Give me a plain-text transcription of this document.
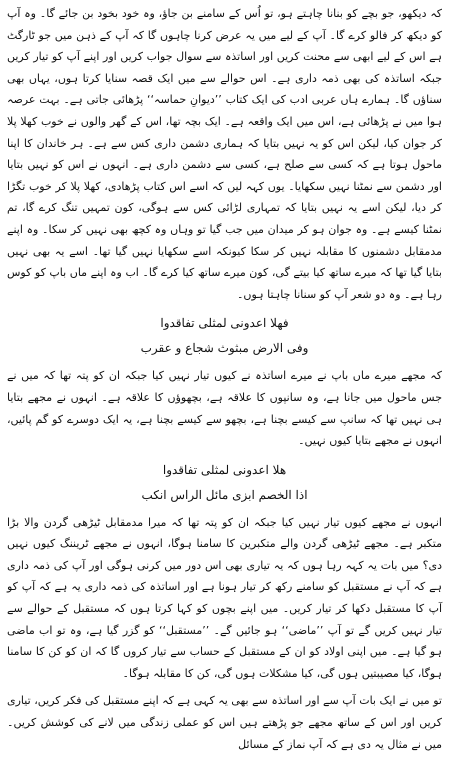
کہ دیکھو، جو بچے کو بنانا چاہتے ہو، تو اُس کے سامنے بن جاؤ، وہ خود بخود بن جائے گا۔ وہ آپ کو دیکھ کر فالو کرے گا۔ آپ کے لیے میں یہ عرض کرنا چاہوں گا کہ آپ کے ذہن میں جو ٹارگٹ ہے اس کے لیے ابھی سے محنت کریں اور اساتذہ سے سوال جواب کریں اور اپنے آپ کو تیار کریں جبکہ اساتذہ کی بھی ذمہ داری ہے۔ اس حوالے سے میں ایک قصہ سنایا کرتا ہوں، یہاں بھی سناؤں گا۔ ہمارے ہاں عربی ادب کی ایک کتاب ’’دیوانِ حماسہ‘‘ پڑھائی جاتی ہے۔ بہت عرصہ ہوا میں نے پڑھائی ہے، اس میں ایک واقعہ ہے۔ ایک بچہ تھا، اس کے گھر والوں نے خوب کھلا پلا کر جوان کیا، لیکن اس کو یہ نہیں بتایا کہ ہماری دشمن داری کس سے ہے۔ ہر خاندان کا اپنا ماحول ہوتا ہے کہ کسی سے صلح ہے، کسی سے دشمن داری ہے۔ انہوں نے اس کو نہیں بتایا اور دشمن سے نمٹنا نہیں سکھایا۔ یوں کہہ لیں کہ اسے اس کتاب پڑھادی، کھلا پلا کر خوب تگڑا کر دیا، لیکن اسے یہ نہیں بتایا کہ تمہاری لڑائی کس سے ہوگی، کون تمہیں تنگ کرے گا، تم نمٹنا کیسے ہے۔ وہ جوان ہو کر میدان میں جب گیا تو وہاں وہ کچھ بھی نہیں کر سکا۔ وہ اپنے مدمقابل دشمنوں کا مقابلہ نہیں کر سکا کیونکہ اسے سکھایا نہیں گیا تھا۔ اسے یہ بھی نہیں بتایا گیا تھا کہ میرے ساتھ کیا بیتے گی، کون میرے ساتھ کیا کرے گا۔ اب وہ اپنے ماں باپ کو کوس رہا ہے۔ وہ دو شعر آپ کو سنانا چاہتا ہوں۔

فهلا اعدونی لمثلی تفاقدوا
وفی الارض مبثوث شجاع و عقرب

کہ مجھے میرے ماں باپ نے میرے اساتذہ نے کیوں تیار نہیں کیا جبکہ ان کو پتہ تھا کہ میں نے جس ماحول میں جانا ہے، وہ سانپوں کا علاقہ ہے، بچھوؤں کا علاقہ ہے۔ انہوں نے مجھے بتایا ہی نہیں تھا کہ سانپ سے کیسے بچنا ہے، بچھو سے کیسے بچنا ہے، یہ ایک دوسرے کو گم پائیں، انہوں نے مجھے بتایا کیوں نہیں۔

هلا اعدونی لمثلی تفاقدوا
اذا الخصم ابزی مائل الراس انکب

انہوں نے مجھے کیوں تیار نہیں کیا جبکہ ان کو پتہ تھا کہ میرا مدمقابل ٹیڑھی گردن والا بڑا متکبر ہے۔ مجھے ٹیڑھی گردن والے متکبرین کا سامنا ہوگا، انہوں نے مجھے ٹریننگ کیوں نہیں دی؟ میں بات یہ کہہ رہا ہوں کہ یہ تیاری بھی اس دور میں کرنی ہوگی اور آپ کی ذمہ داری ہے کہ آپ نے مستقبل کو سامنے رکھ کر تیار ہونا ہے اور اساتذہ کی ذمہ داری یہ ہے کہ آپ کو آپ کا مستقبل دکھا کر تیار کریں۔ میں اپنے بچوں کو کہا کرتا ہوں کہ مستقبل کے حوالے سے تیار نہیں کریں گے تو آپ ’’ماضی‘‘ ہو جائیں گے۔ ’’مستقبل‘‘ کو گزر گیا ہے، وہ تو اب ماضی ہو گیا ہے۔ میں اپنی اولاد کو ان کے مستقبل کے حساب سے تیار کروں گا کہ ان کو کن کا سامنا ہوگا، کیا مصیبتیں ہوں گی، کیا مشکلات ہوں گی، کن کا مقابلہ ہوگا۔

تو میں نے ایک بات آپ سے اور اساتذہ سے بھی یہ کہی ہے کہ اپنے مستقبل کی فکر کریں، تیاری کریں اور اس کے ساتھ مجھے جو پڑھتے ہیں اس کو عملی زندگی میں لانے کی کوشش کریں۔ میں نے مثال یہ دی ہے کہ آپ نماز کے مسائل
